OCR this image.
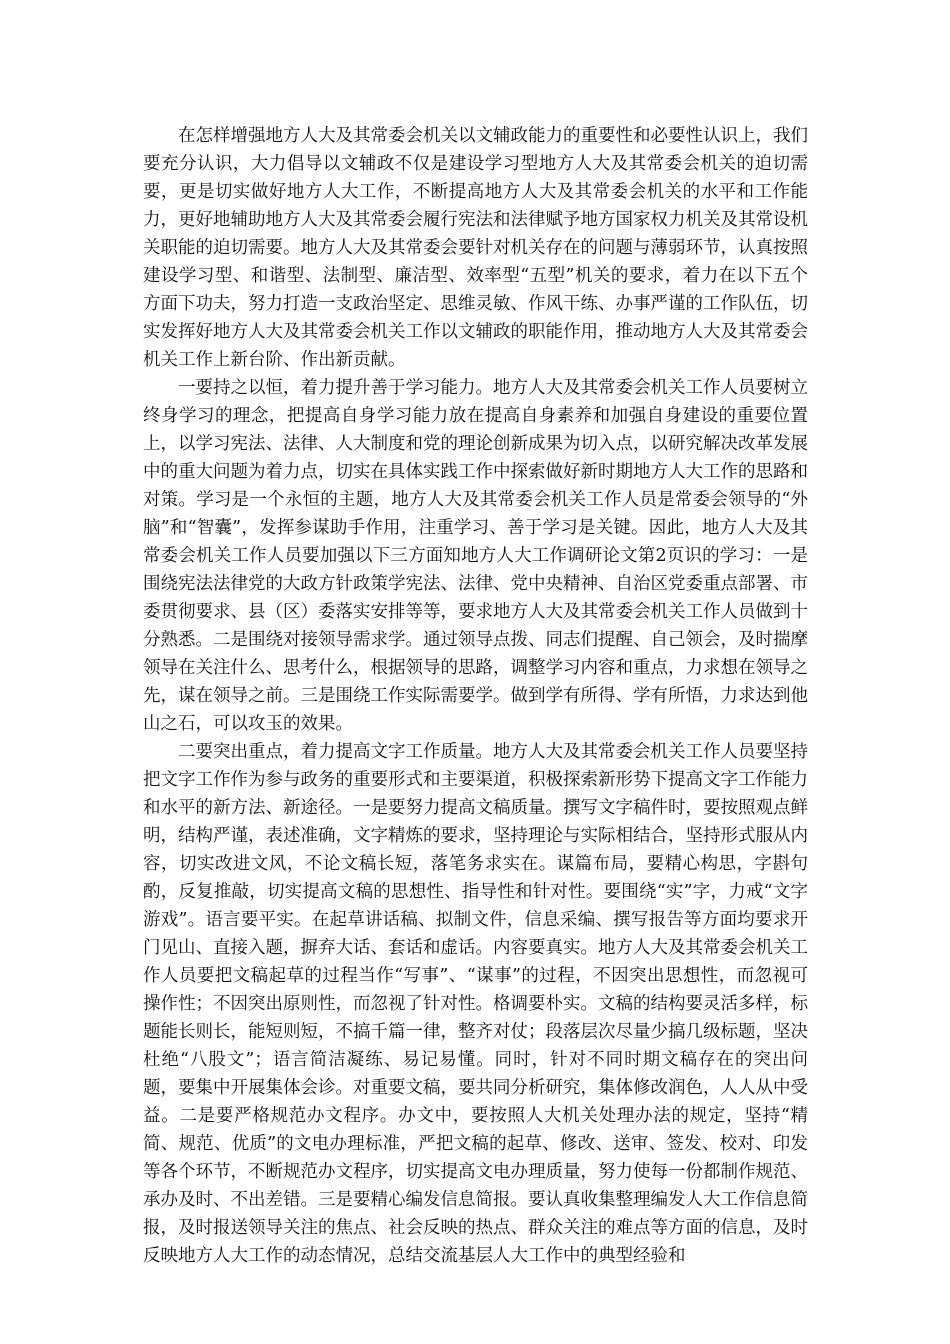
在怎样增强地方人大及其常委会机关以文辅政能力的重要性和必要性认识上，我们要充分认识，大力倡导以文辅政不仅是建设学习型地方人大及其常委会机关的迫切需要，更是切实做好地方人大工作，不断提高地方人大及其常委会机关的水平和工作能力，更好地辅助地方人大及其常委会履行宪法和法律赋予地方国家权力机关及其常设机关职能的迫切需要。地方人大及其常委会要针对机关存在的问题与薄弱环节，认真按照建设学习型、和谐型、法制型、廉洁型、效率型“五型”机关的要求，着力在以下五个方面下功夫，努力打造一支政治坚定、思维灵敏、作风干练、办事严谨的工作队伍，切实发挥好地方人大及其常委会机关工作以文辅政的职能作用，推动地方人大及其常委会机关工作上新台阶、作出新贡献。

一要持之以恒，着力提升善于学习能力。地方人大及其常委会机关工作人员要树立终身学习的理念，把提高自身学习能力放在提高自身素养和加强自身建设的重要位置上，以学习宪法、法律、人大制度和党的理论创新成果为切入点，以研究解决改革发展中的重大问题为着力点，切实在具体实践工作中探索做好新时期地方人大工作的思路和对策。学习是一个永恒的主题，地方人大及其常委会机关工作人员是常委会领导的“外脑”和“智囊”，发挥参谋助手作用，注重学习、善于学习是关键。因此，地方人大及其常委会机关工作人员要加强以下三方面知地方人大工作调研论文第2页识的学习：一是围绕宪法法律党的大政方针政策学宪法、法律、党中央精神、自治区党委重点部署、市委贯彻要求、县（区）委落实安排等等，要求地方人大及其常委会机关工作人员做到十分熟悉。二是围绕对接领导需求学。通过领导点拨、同志们提醒、自己领会，及时揣摩领导在关注什么、思考什么，根据领导的思路，调整学习内容和重点，力求想在领导之先，谋在领导之前。三是围绕工作实际需要学。做到学有所得、学有所悟，力求达到他山之石，可以攻玉的效果。

二要突出重点，着力提高文字工作质量。地方人大及其常委会机关工作人员要坚持把文字工作作为参与政务的重要形式和主要渠道，积极探索新形势下提高文字工作能力和水平的新方法、新途径。一是要努力提高文稿质量。撰写文字稿件时，要按照观点鲜明，结构严谨，表述准确，文字精炼的要求，坚持理论与实际相结合，坚持形式服从内容，切实改进文风，不论文稿长短，落笔务求实在。谋篇布局，要精心构思，字斟句酌，反复推敲，切实提高文稿的思想性、指导性和针对性。要围绕“实”字，力戒“文字游戏”。语言要平实。在起草讲话稿、拟制文件，信息采编、撰写报告等方面均要求开门见山、直接入题，摒弃大话、套话和虚话。内容要真实。地方人大及其常委会机关工作人员要把文稿起草的过程当作“写事”、“谋事”的过程，不因突出思想性，而忽视可操作性；不因突出原则性，而忽视了针对性。格调要朴实。文稿的结构要灵活多样，标题能长则长，能短则短，不搞千篇一律，整齐对仗；段落层次尽量少搞几级标题，坚决杜绝“八股文”；语言简洁凝练、易记易懂。同时，针对不同时期文稿存在的突出问题，要集中开展集体会诊。对重要文稿，要共同分析研究，集体修改润色，人人从中受益。二是要严格规范办文程序。办文中，要按照人大机关处理办法的规定，坚持“精简、规范、优质”的文电办理标准，严把文稿的起草、修改、送审、签发、校对、印发等各个环节，不断规范办文程序，切实提高文电办理质量，努力使每一份都制作规范、承办及时、不出差错。三是要精心编发信息简报。要认真收集整理编发人大工作信息简报，及时报送领导关注的焦点、社会反映的热点、群众关注的难点等方面的信息，及时反映地方人大工作的动态情况，总结交流基层人大工作中的典型经验和
